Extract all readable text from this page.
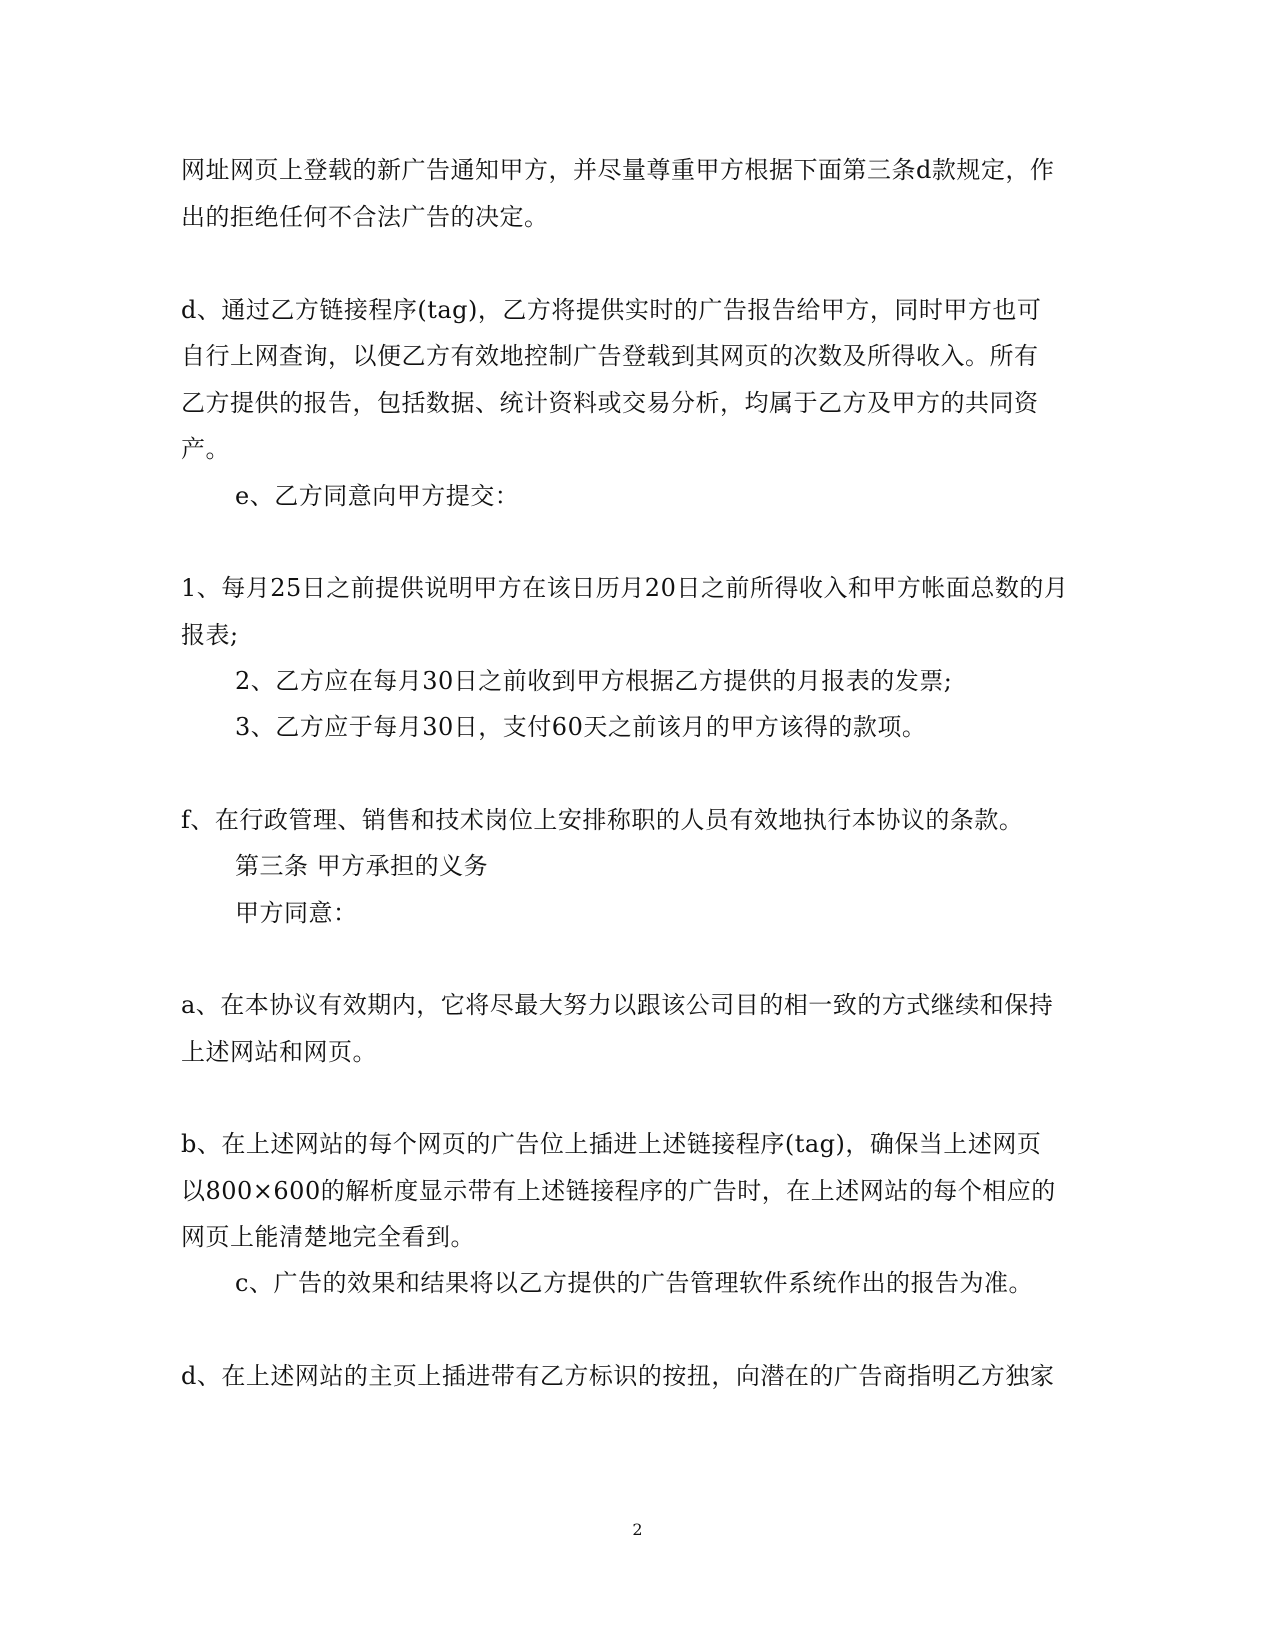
网址网页上登载的新广告通知甲方，并尽量尊重甲方根据下面第三条d款规定，作
出的拒绝任何不合法广告的决定。
d、通过乙方链接程序(tag)，乙方将提供实时的广告报告给甲方，同时甲方也可
自行上网查询，以便乙方有效地控制广告登载到其网页的次数及所得收入。所有
乙方提供的报告，包括数据、统计资料或交易分析，均属于乙方及甲方的共同资
产。
e、乙方同意向甲方提交：
1、每月25日之前提供说明甲方在该日历月20日之前所得收入和甲方帐面总数的月
报表;
2、乙方应在每月30日之前收到甲方根据乙方提供的月报表的发票;
3、乙方应于每月30日，支付60天之前该月的甲方该得的款项。
f、在行政管理、销售和技术岗位上安排称职的人员有效地执行本协议的条款。
第三条 甲方承担的义务
甲方同意：
a、在本协议有效期内，它将尽最大努力以跟该公司目的相一致的方式继续和保持
上述网站和网页。
b、在上述网站的每个网页的广告位上插进上述链接程序(tag)，确保当上述网页
以800×600的解析度显示带有上述链接程序的广告时，在上述网站的每个相应的
网页上能清楚地完全看到。
c、广告的效果和结果将以乙方提供的广告管理软件系统作出的报告为准。
d、在上述网站的主页上插进带有乙方标识的按扭，向潜在的广告商指明乙方独家
2
